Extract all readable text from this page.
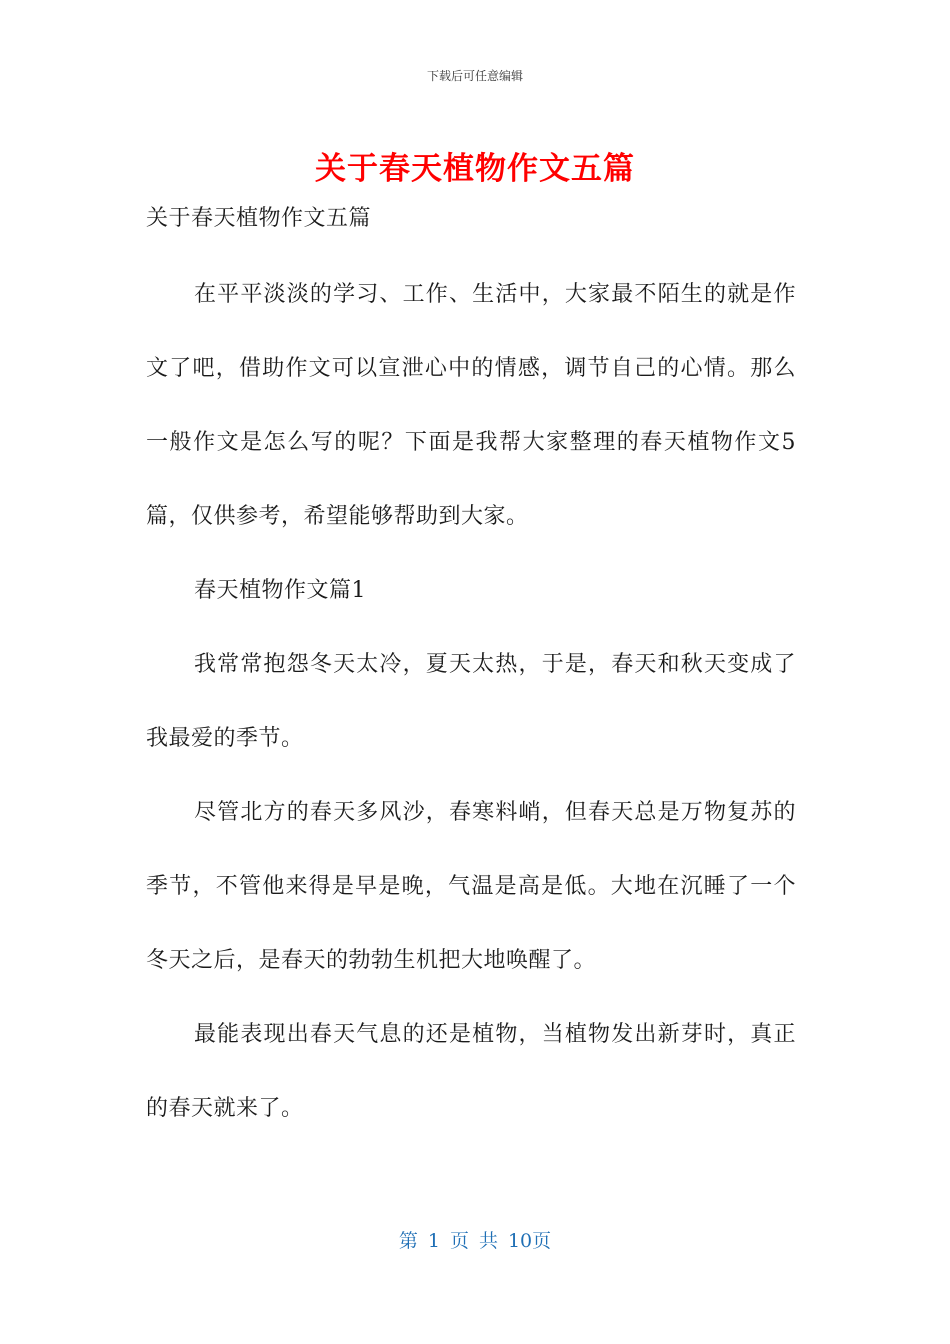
下载后可任意编辑
关于春天植物作文五篇
关于春天植物作文五篇

在平平淡淡的学习、工作、生活中，大家最不陌生的就是作文了吧，借助作文可以宣泄心中的情感，调节自己的心情。那么一般作文是怎么写的呢？下面是我帮大家整理的春天植物作文5篇，仅供参考，希望能够帮助到大家。

春天植物作文篇1

我常常抱怨冬天太冷，夏天太热，于是，春天和秋天变成了我最爱的季节。

尽管北方的春天多风沙，春寒料峭，但春天总是万物复苏的季节，不管他来得是早是晚，气温是高是低。大地在沉睡了一个冬天之后，是春天的勃勃生机把大地唤醒了。

最能表现出春天气息的还是植物，当植物发出新芽时，真正的春天就来了。

第 1 页 共 10页
